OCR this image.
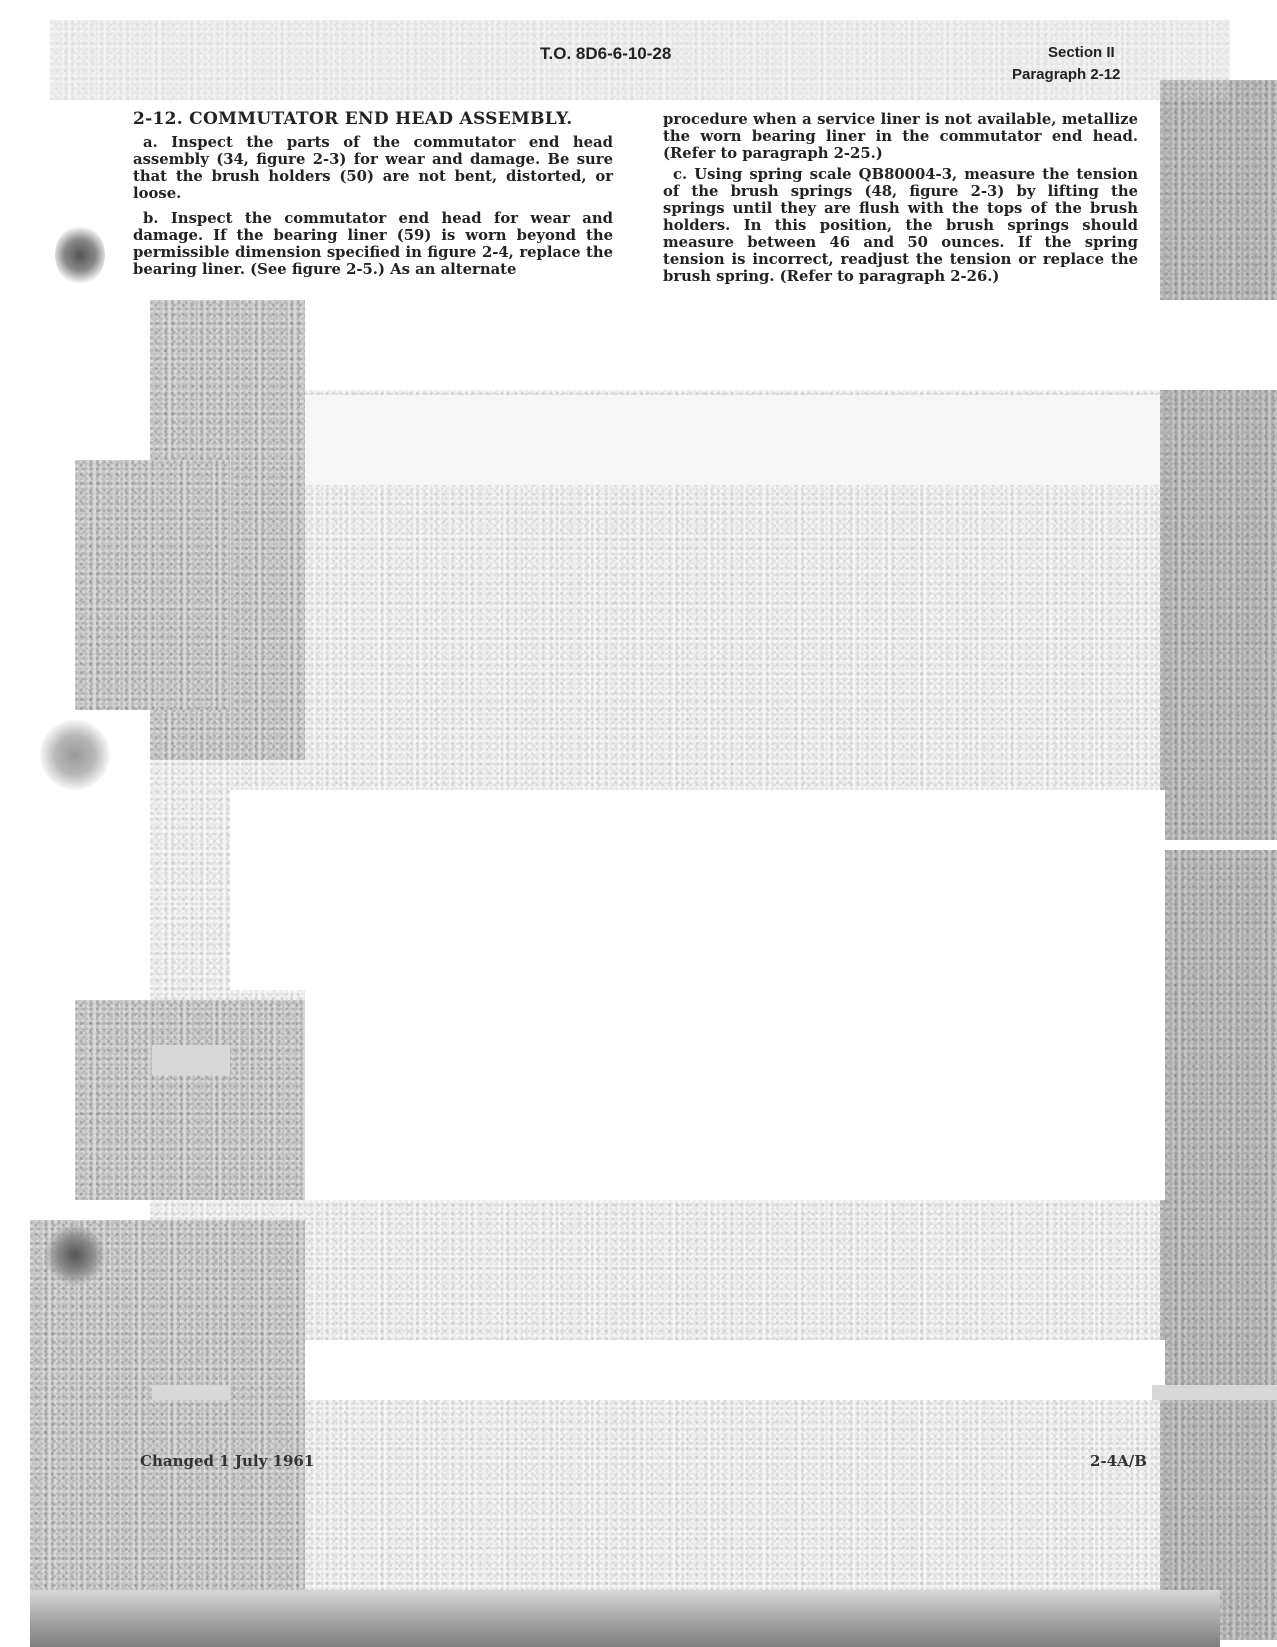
T.O. 8D6-6-10-28	Section II
Paragraph 2-12
2-12. COMMUTATOR END HEAD ASSEMBLY.

a. Inspect the parts of the commutator end head assembly (34, figure 2-3) for wear and damage. Be sure that the brush holders (50) are not bent, distorted, or loose.

b. Inspect the commutator end head for wear and damage. If the bearing liner (59) is worn beyond the permissible dimension specified in figure 2-4, replace the bearing liner. (See figure 2-5.) As an alternate

procedure when a service liner is not available, metallize the worn bearing liner in the commutator end head. (Refer to paragraph 2-25.)

c. Using spring scale QB80004-3, measure the tension of the brush springs (48, figure 2-3) by lifting the springs until they are flush with the tops of the brush holders. In this position, the brush springs should measure between 46 and 50 ounces. If the spring tension is incorrect, readjust the tension or replace the brush spring. (Refer to paragraph 2-26.)

Changed 1 July 1961	2-4A/B
